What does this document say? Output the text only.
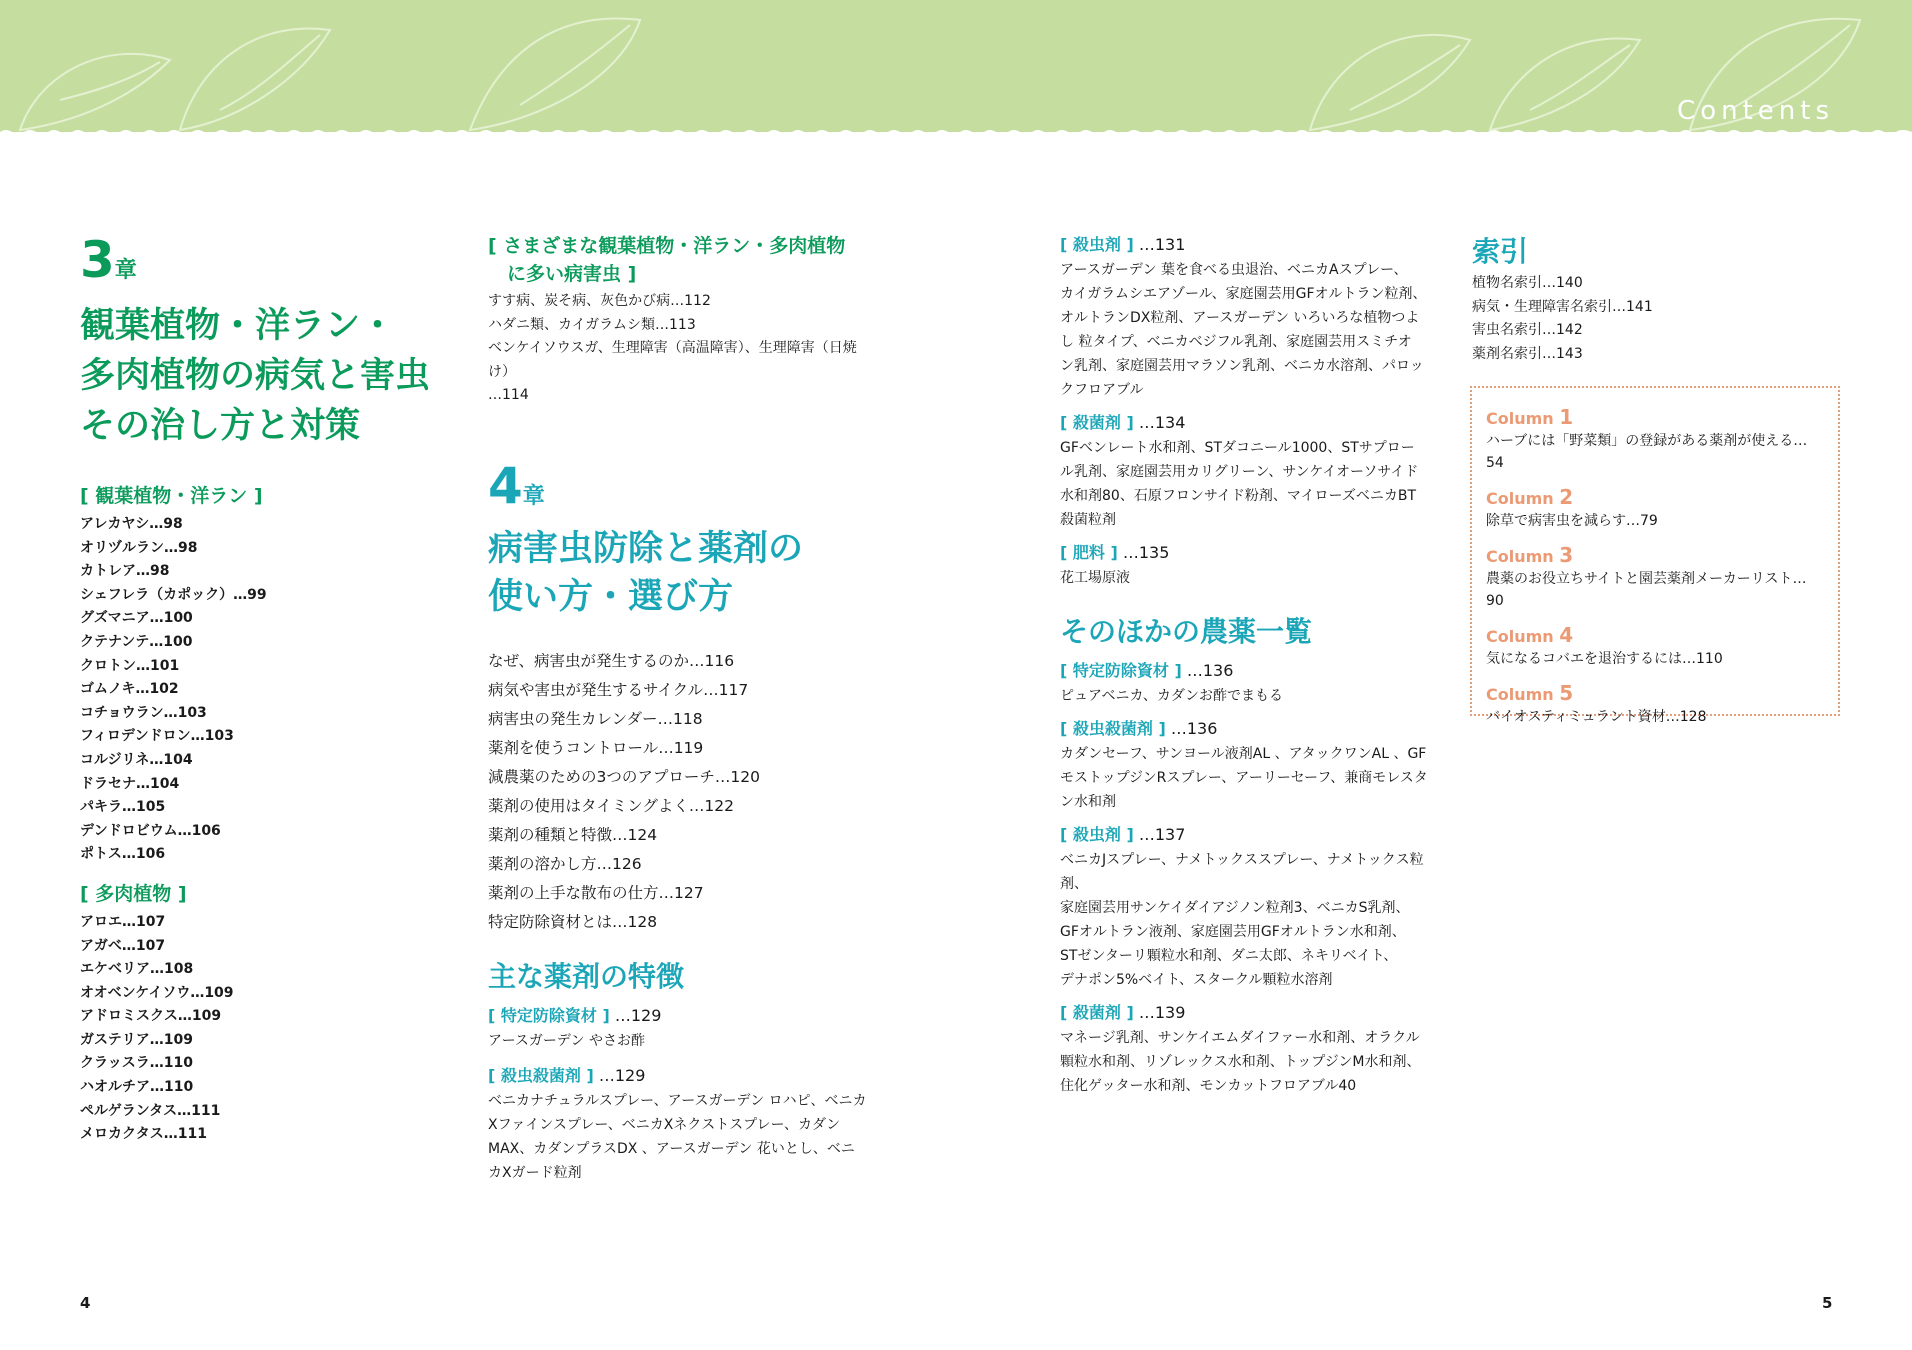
Contents
3章
観葉植物・洋ラン・
多肉植物の病気と害虫
その治し方と対策
[ 観葉植物・洋ラン ]
アレカヤシ…98
オリヅルラン…98
カトレア…98
シェフレラ（カポック）…99
グズマニア…100
クテナンテ…100
クロトン…101
ゴムノキ…102
コチョウラン…103
フィロデンドロン…103
コルジリネ…104
ドラセナ…104
パキラ…105
デンドロビウム…106
ポトス…106
[ 多肉植物 ]
アロエ…107
アガベ…107
エケベリア…108
オオベンケイソウ…109
アドロミスクス…109
ガステリア…109
クラッスラ…110
ハオルチア…110
ペルゲランタス…111
メロカクタス…111
[ さまざまな観葉植物・洋ラン・多肉植物
　に多い病害虫 ]
すす病、炭そ病、灰色かび病…112
ハダニ類、カイガラムシ類…113
ベンケイソウスガ、生理障害（高温障害）、生理障害（日焼け）
…114
4章
病害虫防除と薬剤の
使い方・選び方
なぜ、病害虫が発生するのか…116
病気や害虫が発生するサイクル…117
病害虫の発生カレンダー…118
薬剤を使うコントロール…119
減農薬のための3つのアプローチ…120
薬剤の使用はタイミングよく…122
薬剤の種類と特徴…124
薬剤の溶かし方…126
薬剤の上手な散布の仕方…127
特定防除資材とは…128
主な薬剤の特徴
[ 特定防除資材 ] …129
アースガーデン やさお酢
[ 殺虫殺菌剤 ] …129
ベニカナチュラルスプレー、アースガーデン ロハピ、ベニカ
Xファインスプレー、ベニカXネクストスプレー、カダン
MAX、カダンプラスDX 、アースガーデン 花いとし、ベニ
カXガード粒剤
[ 殺虫剤 ] …131
アースガーデン 葉を食べる虫退治、ベニカAスプレー、
カイガラムシエアゾール、家庭園芸用GFオルトラン粒剤、
オルトランDX粒剤、アースガーデン いろいろな植物つよ
し 粒タイプ、ベニカベジフル乳剤、家庭園芸用スミチオ
ン乳剤、家庭園芸用マラソン乳剤、ベニカ水溶剤、パロッ
クフロアブル
[ 殺菌剤 ] …134
GFベンレート水和剤、STダコニール1000、STサプロー
ル乳剤、家庭園芸用カリグリーン、サンケイオーソサイド
水和剤80、石原フロンサイド粉剤、マイローズベニカBT
殺菌粒剤
[ 肥料 ] …135
花工場原液
そのほかの農薬一覧
[ 特定防除資材 ] …136
ピュアベニカ、カダンお酢でまもる
[ 殺虫殺菌剤 ] …136
カダンセーフ、サンヨール液剤AL 、アタックワンAL 、GF
モストップジンRスプレー、アーリーセーフ、兼商モレスタ
ン水和剤
[ 殺虫剤 ] …137
ベニカJスプレー、ナメトックススプレー、ナメトックス粒剤、
家庭園芸用サンケイダイアジノン粒剤3、ベニカS乳剤、
GFオルトラン液剤、家庭園芸用GFオルトラン水和剤、
STゼンターリ顆粒水和剤、ダニ太郎、ネキリベイト、
デナポン5%ベイト、スタークル顆粒水溶剤
[ 殺菌剤 ] …139
マネージ乳剤、サンケイエムダイファー水和剤、オラクル
顆粒水和剤、リゾレックス水和剤、トップジンM水和剤、
住化ゲッター水和剤、モンカットフロアブル40
索引
植物名索引…140
病気・生理障害名索引…141
害虫名索引…142
薬剤名索引…143
Column 1
ハーブには「野菜類」の登録がある薬剤が使える…54
Column 2
除草で病害虫を減らす…79
Column 3
農薬のお役立ちサイトと園芸薬剤メーカーリスト…90
Column 4
気になるコバエを退治するには…110
Column 5
バイオスティミュラント資材…128
4	5
